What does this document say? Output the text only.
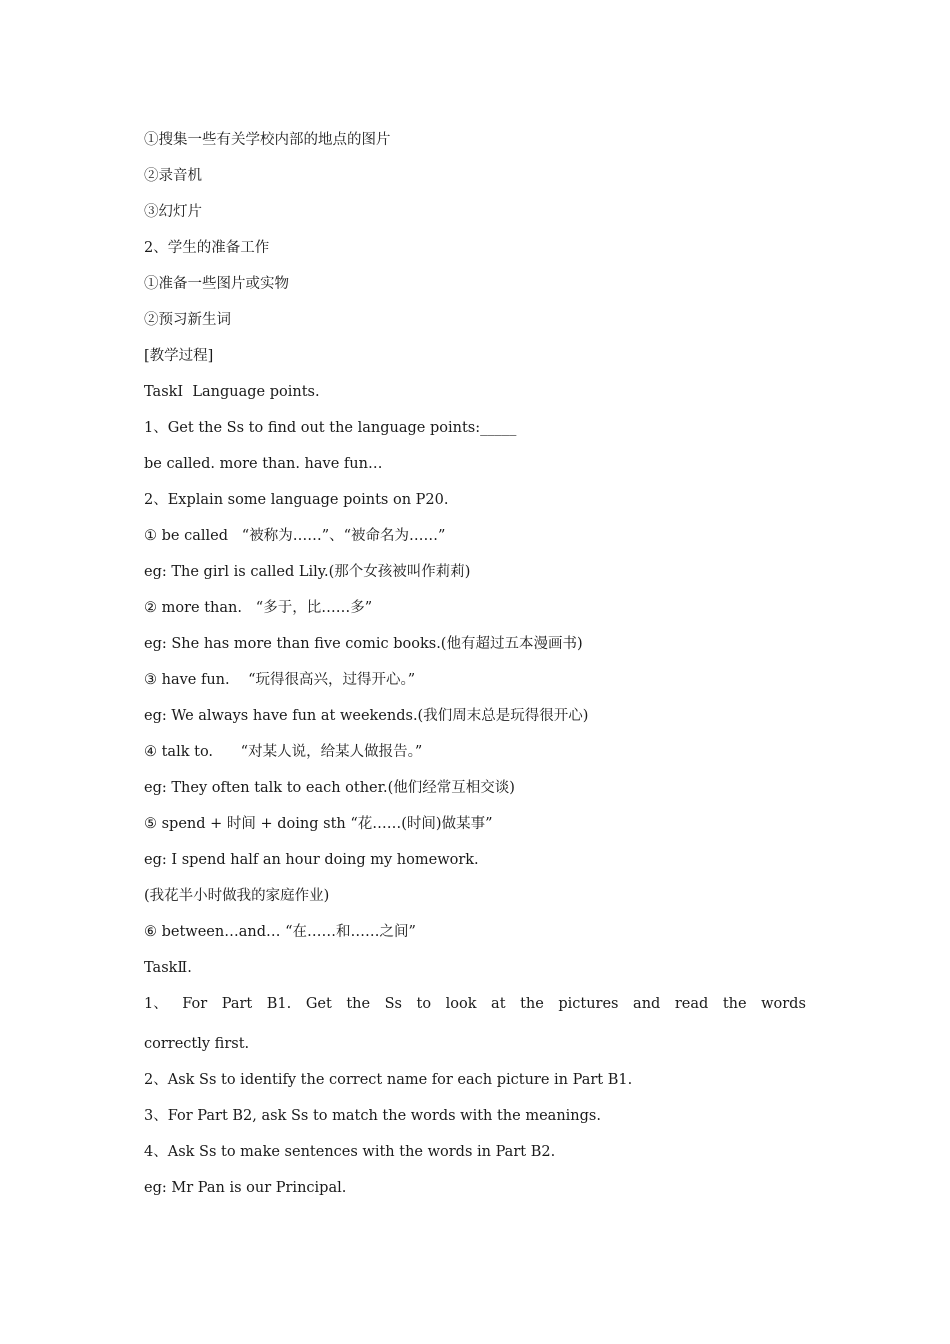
①搜集一些有关学校内部的地点的图片
②录音机
③幻灯片
2、学生的准备工作
①准备一些图片或实物
②预习新生词
[教学过程]
TaskⅠ  Language points.
1、Get the Ss to find out the language points:_____
be called. more than. have fun…
2、Explain some language points on P20.
① be called   “被称为……”、“被命名为……”
eg: The girl is called Lily.(那个女孩被叫作莉莉)
② more than.   “多于，比……多”
eg: She has more than five comic books.(他有超过五本漫画书)
③ have fun.    “玩得很高兴，过得开心。”
eg: We always have fun at weekends.(我们周末总是玩得很开心)
④ talk to.      “对某人说，给某人做报告。”
eg: They often talk to each other.(他们经常互相交谈)
⑤ spend + 时间 + doing sth “花……(时间)做某事”
eg: I spend half an hour doing my homework.
(我花半小时做我的家庭作业)
⑥ between…and… “在……和……之间”
TaskⅡ.
1、 For Part B1. Get the Ss to look at the pictures and read the words
correctly first.
2、Ask Ss to identify the correct name for each picture in Part B1.
3、For Part B2, ask Ss to match the words with the meanings.
4、Ask Ss to make sentences with the words in Part B2.
eg: Mr Pan is our Principal.
